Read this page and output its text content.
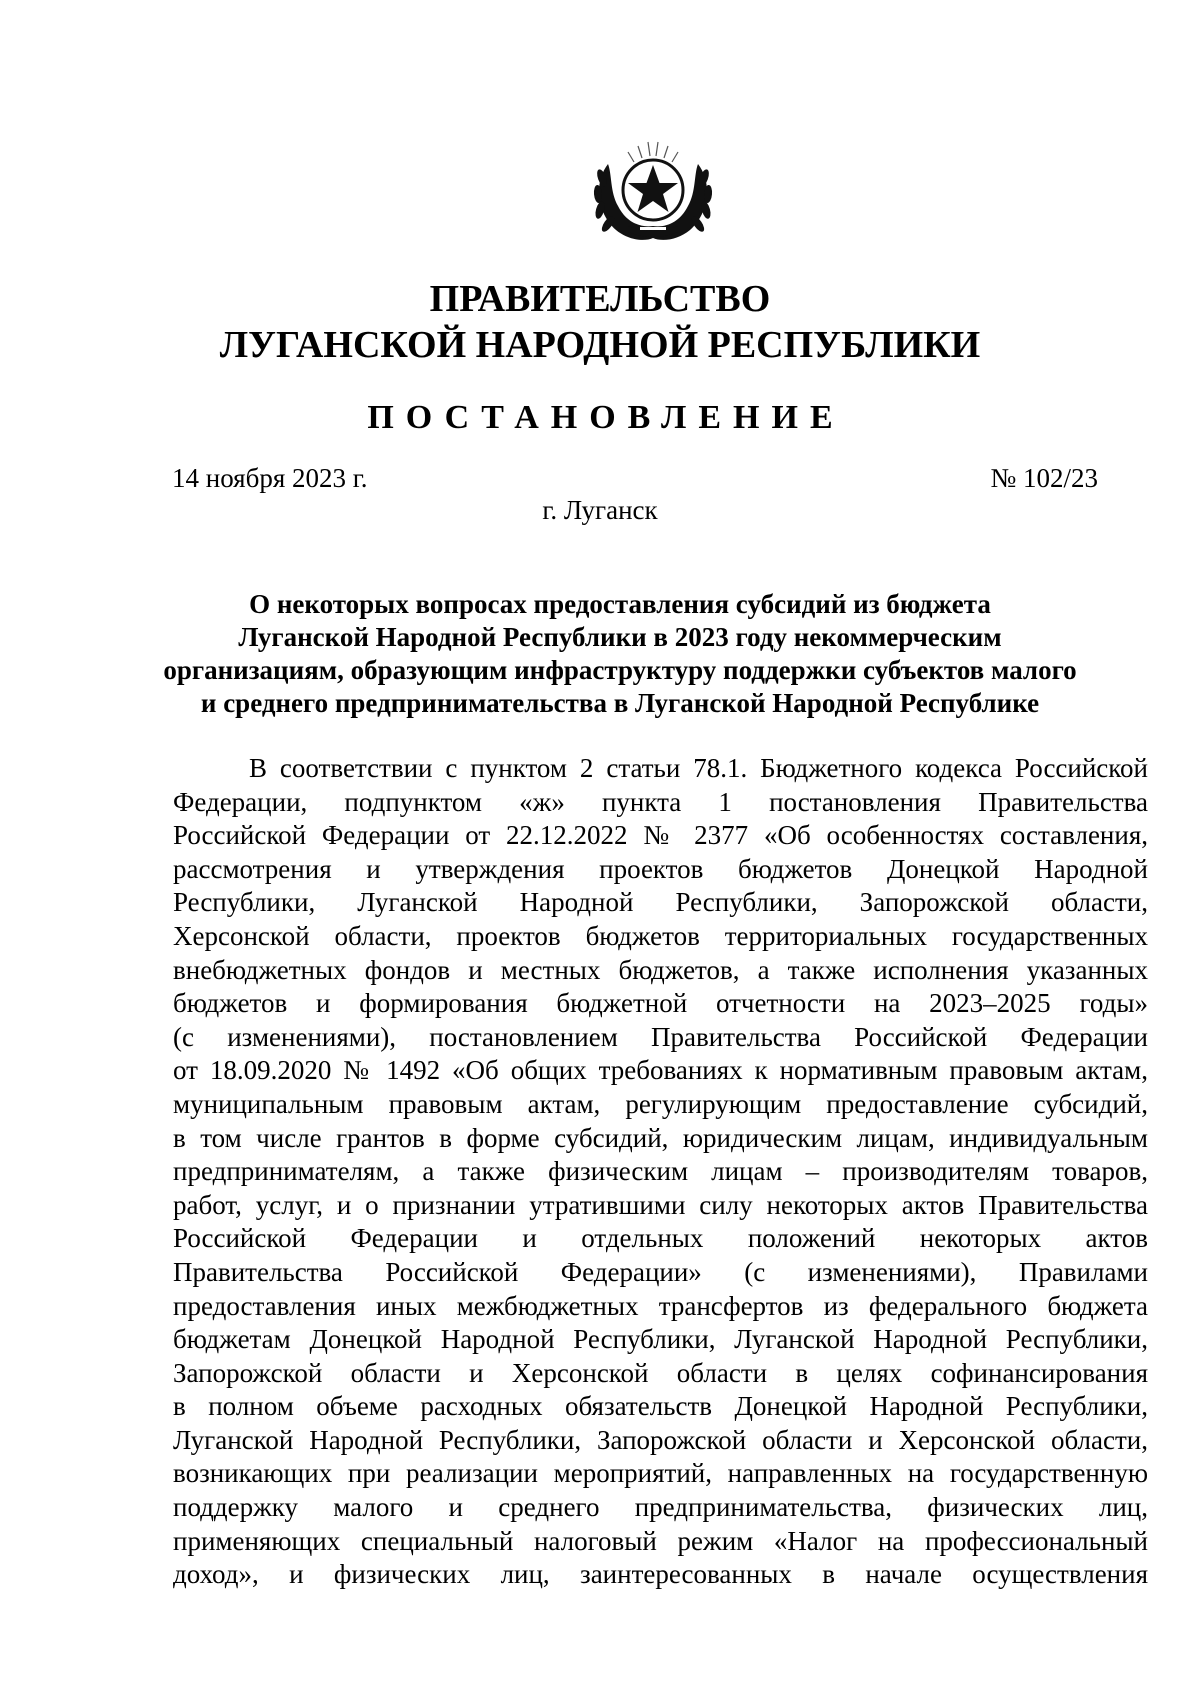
ПРАВИТЕЛЬСТВО
ЛУГАНСКОЙ НАРОДНОЙ РЕСПУБЛИКИ
ПОСТАНОВЛЕНИЕ
14 ноября 2023 г.	№ 102/23
г. Луганск
О некоторых вопросах предоставления субсидий из бюджета
Луганской Народной Республики в 2023 году некоммерческим
организациям, образующим инфраструктуру поддержки субъектов малого
и среднего предпринимательства в Луганской Народной Республике
В соответствии с пунктом 2 статьи 78.1. Бюджетного кодекса Российской
Федерации, подпунктом «ж» пункта 1 постановления Правительства
Российской Федерации от 22.12.2022 № 2377 «Об особенностях составления,
рассмотрения и утверждения проектов бюджетов Донецкой Народной
Республики, Луганской Народной Республики, Запорожской области,
Херсонской области, проектов бюджетов территориальных государственных
внебюджетных фондов и местных бюджетов, а также исполнения указанных
бюджетов и формирования бюджетной отчетности на 2023–2025 годы»
(с изменениями), постановлением Правительства Российской Федерации
от 18.09.2020 № 1492 «Об общих требованиях к нормативным правовым актам,
муниципальным правовым актам, регулирующим предоставление субсидий,
в том числе грантов в форме субсидий, юридическим лицам, индивидуальным
предпринимателям, а также физическим лицам – производителям товаров,
работ, услуг, и о признании утратившими силу некоторых актов Правительства
Российской Федерации и отдельных положений некоторых актов
Правительства Российской Федерации» (с изменениями), Правилами
предоставления иных межбюджетных трансфертов из федерального бюджета
бюджетам Донецкой Народной Республики, Луганской Народной Республики,
Запорожской области и Херсонской области в целях софинансирования
в полном объеме расходных обязательств Донецкой Народной Республики,
Луганской Народной Республики, Запорожской области и Херсонской области,
возникающих при реализации мероприятий, направленных на государственную
поддержку малого и среднего предпринимательства, физических лиц,
применяющих специальный налоговый режим «Налог на профессиональный
доход», и физических лиц, заинтересованных в начале осуществления
